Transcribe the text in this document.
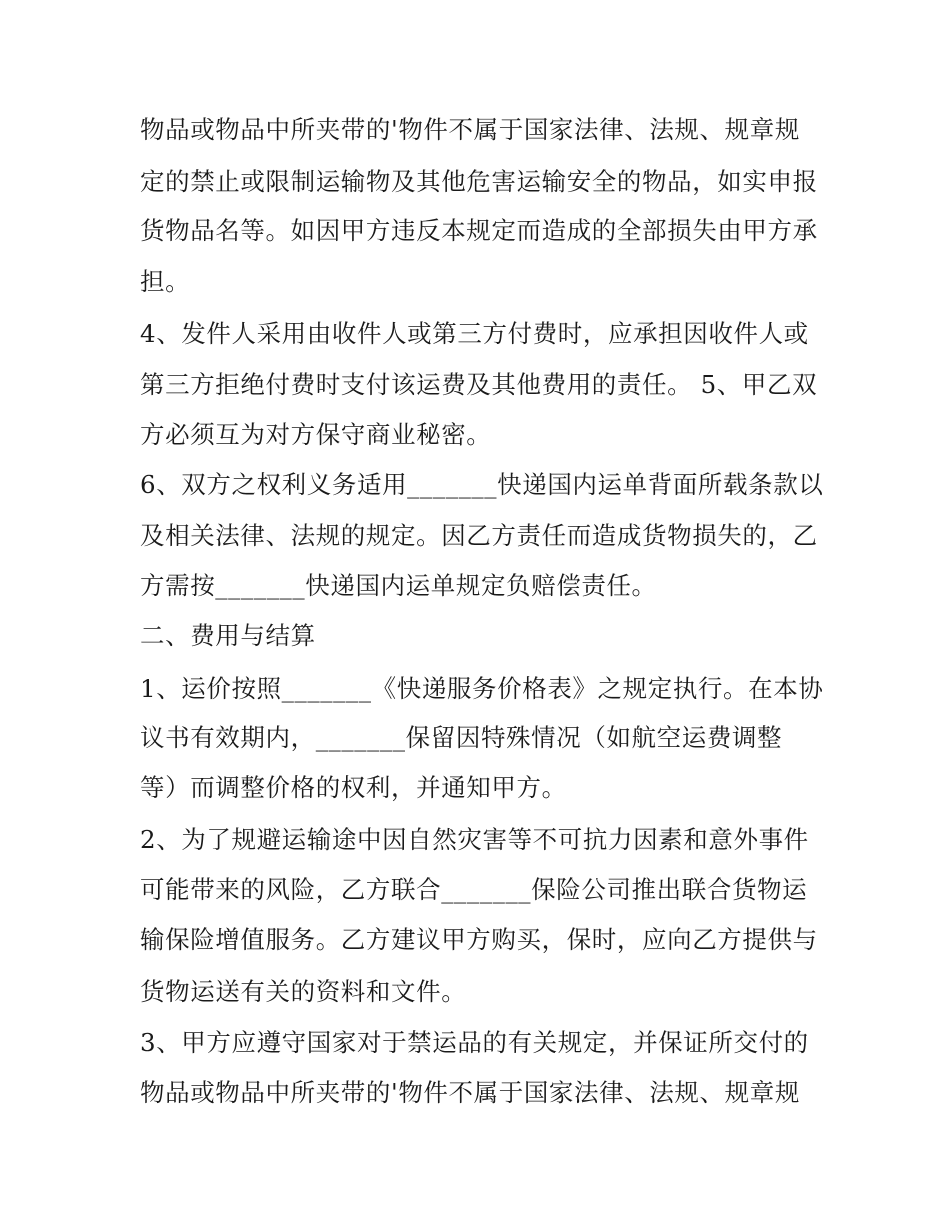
物品或物品中所夹带的'物件不属于国家法律、法规、规章规
定的禁止或限制运输物及其他危害运输安全的物品，如实申报
货物品名等。如因甲方违反本规定而造成的全部损失由甲方承
担。
4、发件人采用由收件人或第三方付费时，应承担因收件人或
第三方拒绝付费时支付该运费及其他费用的责任。 5、甲乙双
方必须互为对方保守商业秘密。
6、双方之权利义务适用_______快递国内运单背面所载条款以
及相关法律、法规的规定。因乙方责任而造成货物损失的，乙
方需按_______快递国内运单规定负赔偿责任。
二、费用与结算
1、运价按照_______《快递服务价格表》之规定执行。在本协
议书有效期内，_______保留因特殊情况（如航空运费调整
等）而调整价格的权利，并通知甲方。
2、为了规避运输途中因自然灾害等不可抗力因素和意外事件
可能带来的风险，乙方联合_______保险公司推出联合货物运
输保险增值服务。乙方建议甲方购买，保时，应向乙方提供与
货物运送有关的资料和文件。
3、甲方应遵守国家对于禁运品的有关规定，并保证所交付的
物品或物品中所夹带的'物件不属于国家法律、法规、规章规
